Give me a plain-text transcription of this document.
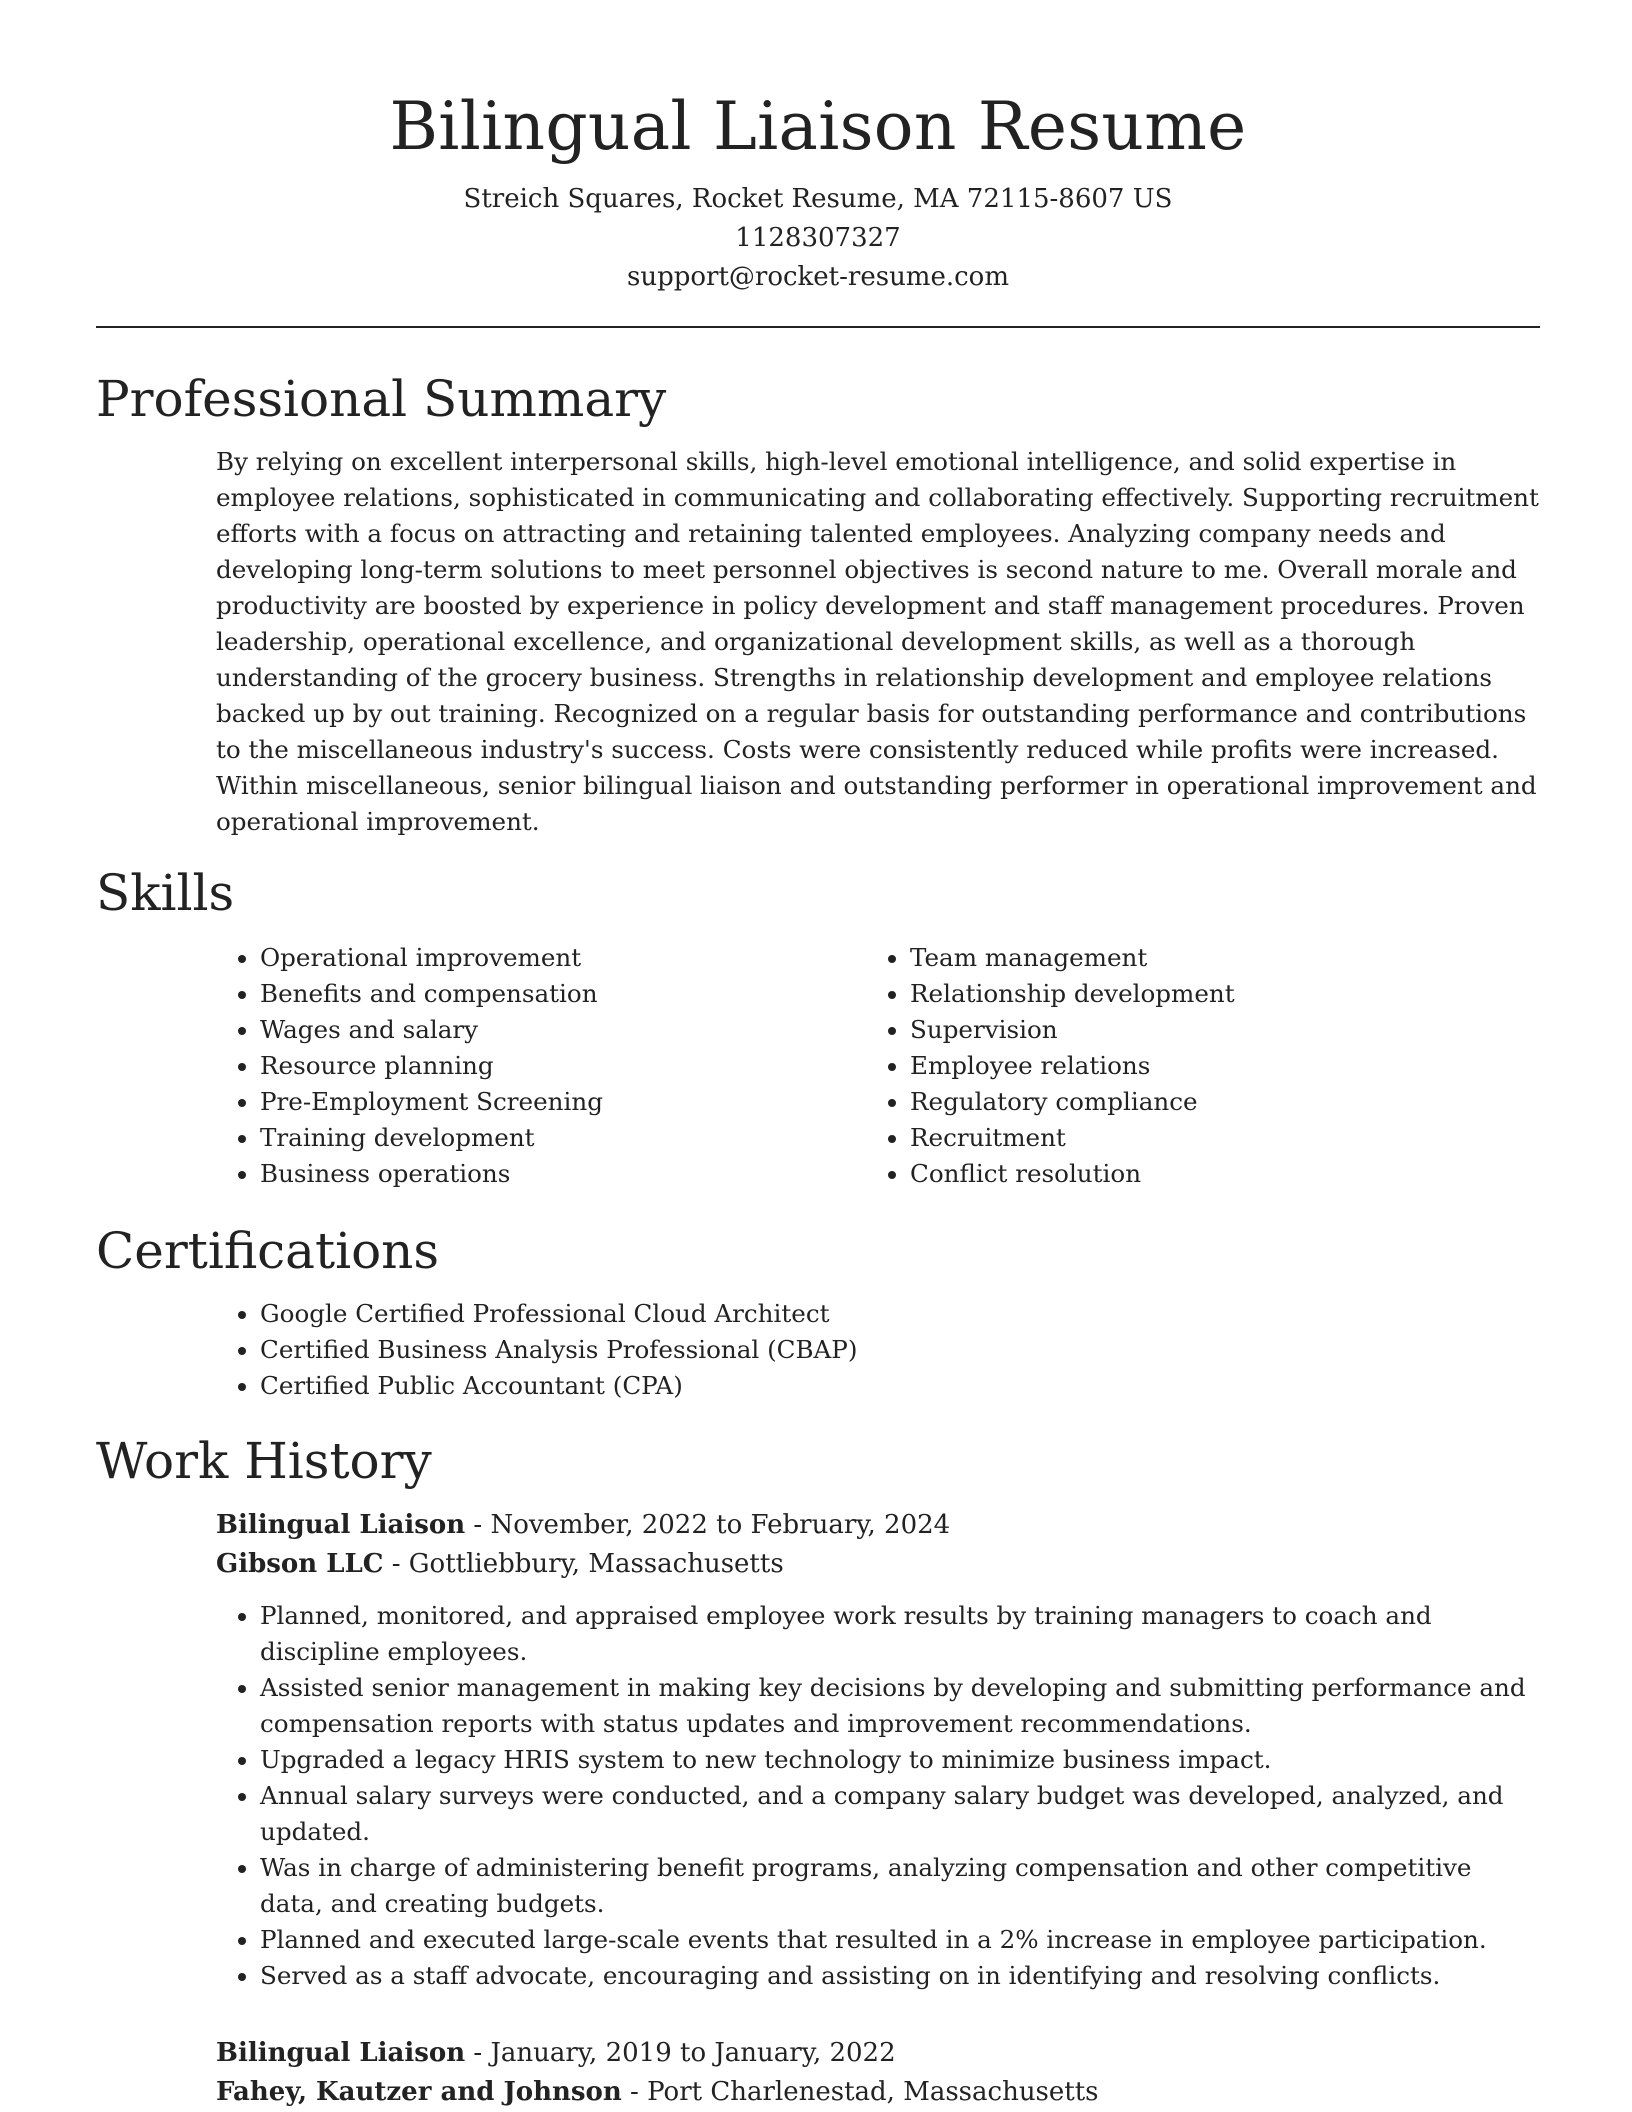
Bilingual Liaison Resume
Streich Squares, Rocket Resume, MA 72115-8607 US
1128307327
support@rocket-resume.com
Professional Summary

By relying on excellent interpersonal skills, high-level emotional intelligence, and solid expertise in employee relations, sophisticated in communicating and collaborating effectively. Supporting recruitment efforts with a focus on attracting and retaining talented employees. Analyzing company needs and developing long-term solutions to meet personnel objectives is second nature to me. Overall morale and productivity are boosted by experience in policy development and staff management procedures. Proven leadership, operational excellence, and organizational development skills, as well as a thorough understanding of the grocery business. Strengths in relationship development and employee relations backed up by out training. Recognized on a regular basis for outstanding performance and contributions to the miscellaneous industry's success. Costs were consistently reduced while profits were increased. Within miscellaneous, senior bilingual liaison and outstanding performer in operational improvement and operational improvement.

Skills
• Operational improvement
• Benefits and compensation
• Wages and salary
• Resource planning
• Pre-Employment Screening
• Training development
• Business operations
• Team management
• Relationship development
• Supervision
• Employee relations
• Regulatory compliance
• Recruitment
• Conflict resolution
Certifications
• Google Certified Professional Cloud Architect
• Certified Business Analysis Professional (CBAP)
• Certified Public Accountant (CPA)
Work History
Bilingual Liaison - November, 2022 to February, 2024
Gibson LLC - Gottliebbury, Massachusetts
• Planned, monitored, and appraised employee work results by training managers to coach and discipline employees.
• Assisted senior management in making key decisions by developing and submitting performance and compensation reports with status updates and improvement recommendations.
• Upgraded a legacy HRIS system to new technology to minimize business impact.
• Annual salary surveys were conducted, and a company salary budget was developed, analyzed, and updated.
• Was in charge of administering benefit programs, analyzing compensation and other competitive data, and creating budgets.
• Planned and executed large-scale events that resulted in a 2% increase in employee participation.
• Served as a staff advocate, encouraging and assisting on in identifying and resolving conflicts.
Bilingual Liaison - January, 2019 to January, 2022
Fahey, Kautzer and Johnson - Port Charlenestad, Massachusetts
